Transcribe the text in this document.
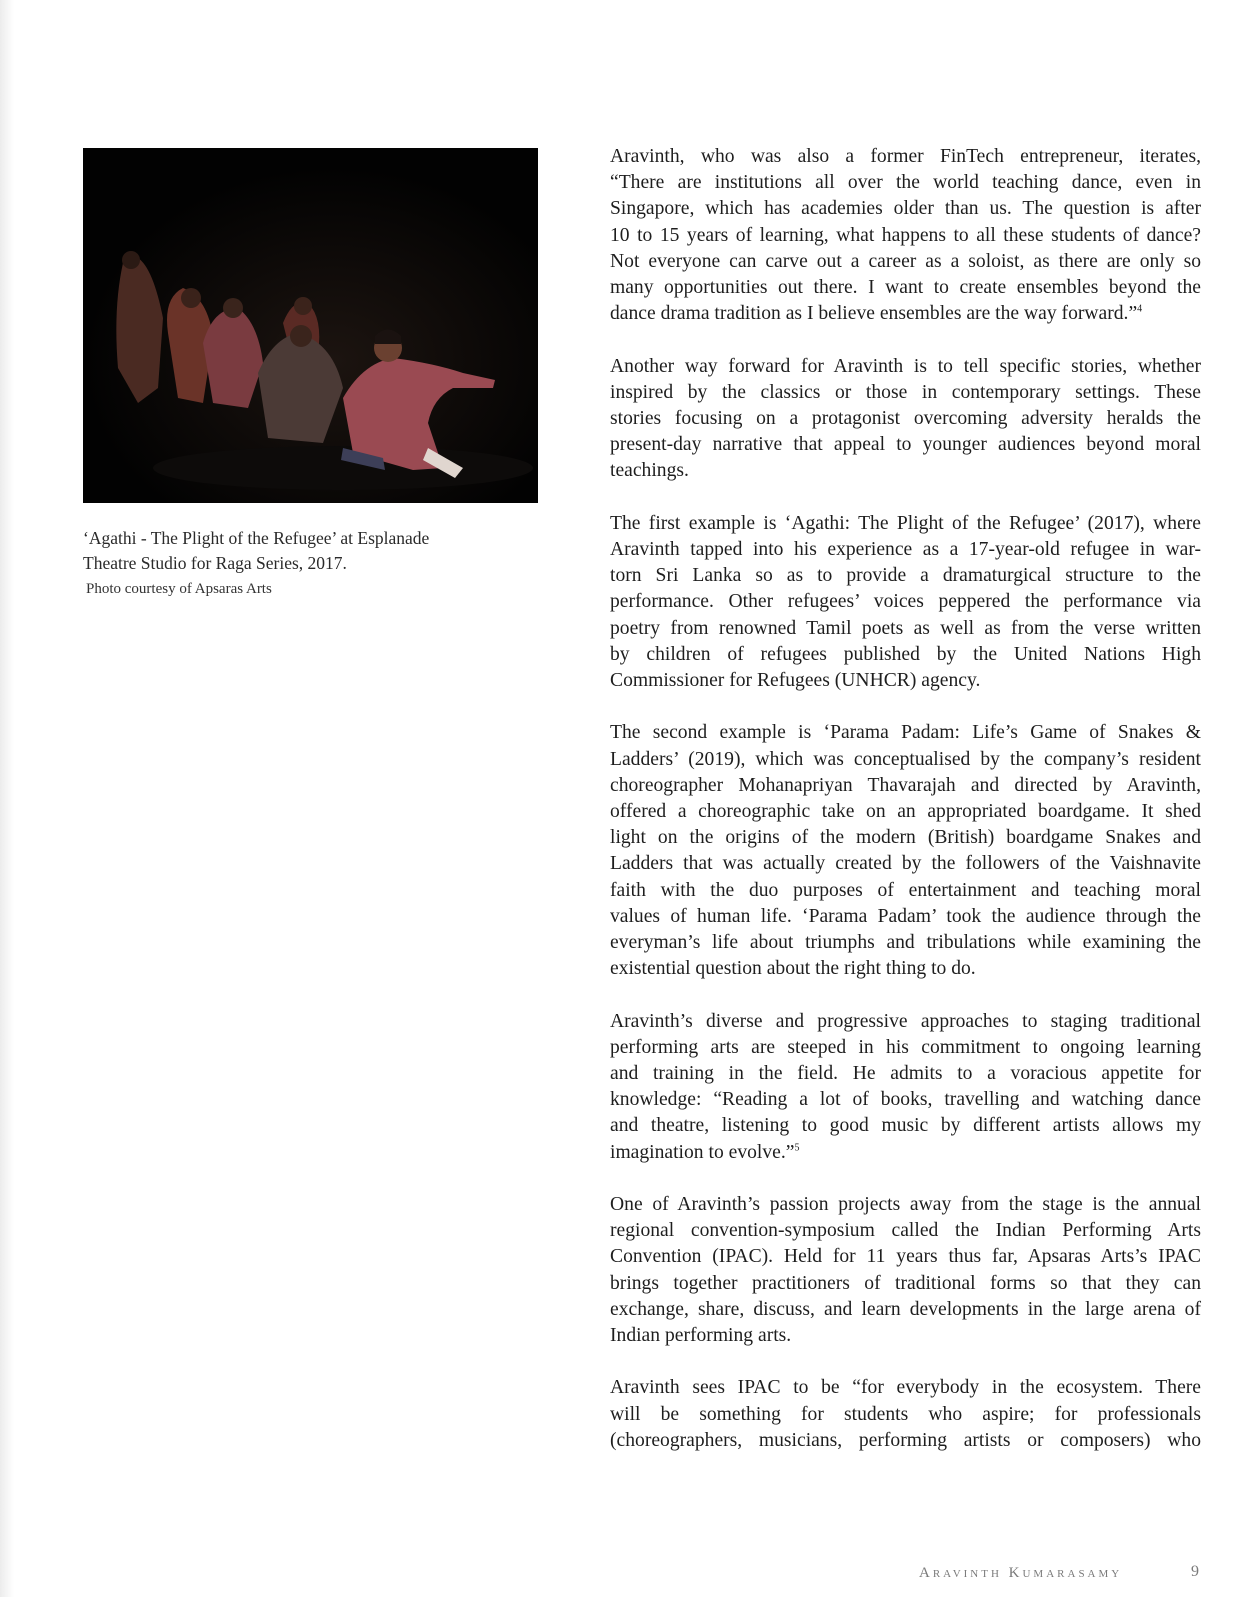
‘Agathi - The Plight of the Refugee’ at Esplanade
Theatre Studio for Raga Series, 2017.
Photo courtesy of Apsaras Arts

Aravinth, who was also a former FinTech entrepreneur, iterates,
“There are institutions all over the world teaching dance, even in
Singapore, which has academies older than us. The question is after
10 to 15 years of learning, what happens to all these students of dance?
Not everyone can carve out a career as a soloist, as there are only so
many opportunities out there. I want to create ensembles beyond the
dance drama tradition as I believe ensembles are the way forward.”$^4$

Another way forward for Aravinth is to tell specific stories, whether
inspired by the classics or those in contemporary settings. These
stories focusing on a protagonist overcoming adversity heralds the
present-day narrative that appeal to younger audiences beyond moral
teachings.

The first example is ‘Agathi: The Plight of the Refugee’ (2017), where
Aravinth tapped into his experience as a 17-year-old refugee in war-
torn Sri Lanka so as to provide a dramaturgical structure to the
performance. Other refugees’ voices peppered the performance via
poetry from renowned Tamil poets as well as from the verse written
by children of refugees published by the United Nations High
Commissioner for Refugees (UNHCR) agency.

The second example is ‘Parama Padam: Life’s Game of Snakes &
Ladders’ (2019), which was conceptualised by the company’s resident
choreographer Mohanapriyan Thavarajah and directed by Aravinth,
offered a choreographic take on an appropriated boardgame. It shed
light on the origins of the modern (British) boardgame Snakes and
Ladders that was actually created by the followers of the Vaishnavite
faith with the duo purposes of entertainment and teaching moral
values of human life. ‘Parama Padam’ took the audience through the
everyman’s life about triumphs and tribulations while examining the
existential question about the right thing to do.

Aravinth’s diverse and progressive approaches to staging traditional
performing arts are steeped in his commitment to ongoing learning
and training in the field. He admits to a voracious appetite for
knowledge: “Reading a lot of books, travelling and watching dance
and theatre, listening to good music by different artists allows my
imagination to evolve.”$^5$

One of Aravinth’s passion projects away from the stage is the annual
regional convention-symposium called the Indian Performing Arts
Convention (IPAC). Held for 11 years thus far, Apsaras Arts’s IPAC
brings together practitioners of traditional forms so that they can
exchange, share, discuss, and learn developments in the large arena of
Indian performing arts.

Aravinth sees IPAC to be “for everybody in the ecosystem. There
will be something for students who aspire; for professionals
(choreographers, musicians, performing artists or composers) who

Aravinth Kumarasamy	9
